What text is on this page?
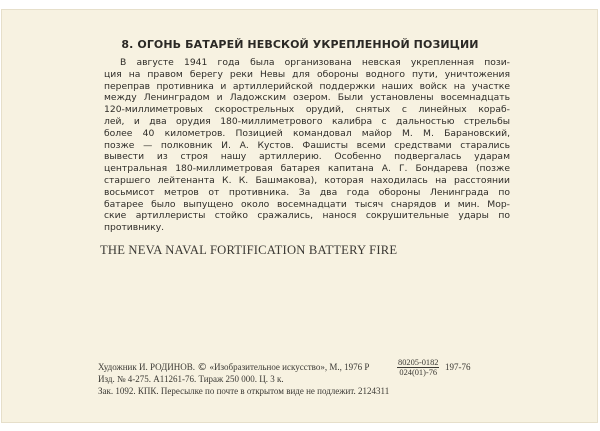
8. ОГОНЬ БАТАРЕЙ НЕВСКОЙ УКРЕПЛЕННОЙ ПОЗИЦИИ
В августе 1941 года была организована невская укрепленная пози-
ция на правом берегу реки Невы для обороны водного пути, уничтожения
переправ противника и артиллерийской поддержки наших войск на участке
между Ленинградом и Ладожским озером. Были установлены восемнадцать
120-миллиметровых скорострельных орудий, снятых с линейных кораб-
лей, и два орудия 180-миллиметрового калибра с дальностью стрельбы
более 40 километров. Позицией командовал майор М. М. Барановский,
позже — полковник И. А. Кустов. Фашисты всеми средствами старались
вывести из строя нашу артиллерию. Особенно подвергалась ударам
центральная 180-миллиметровая батарея капитана А. Г. Бондарева (позже
старшего лейтенанта К. К. Башмакова), которая находилась на расстоянии
восьмисот метров от противника. За два года обороны Ленинграда по
батарее было выпущено около восемнадцати тысяч снарядов и мин. Мор-
ские артиллеристы стойко сражались, нанося сокрушительные удары по
противнику.

THE NEVA NAVAL FORTIFICATION BATTERY FIRE

Художник И. РОДИНОВ. © «Изобразительное искусство», М., 1976 Р	$\frac{80205-0182}{024(01)-76} 197-76$
Изд. № 4-275. А11261-76. Тираж 250 000. Ц. 3 к.
Зак. 1092. КПК. Пересылке по почте в открытом виде не подлежит. 2124311
